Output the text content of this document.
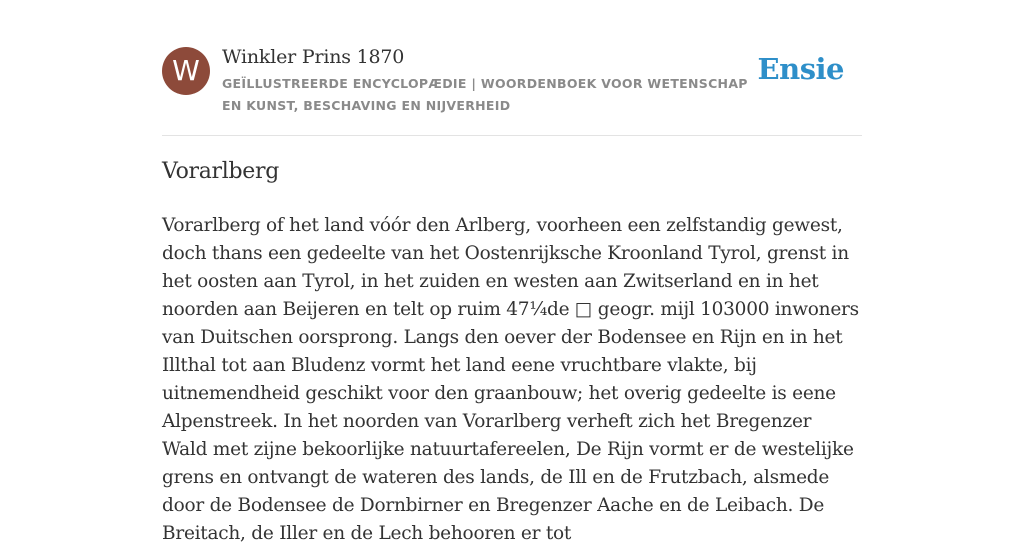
W	Winkler Prins 1870
GEÏLLUSTREERDE ENCYCLOPÆDIE | WOORDENBOEK VOOR WETENSCHAP EN KUNST, BESCHAVING EN NIJVERHEID
Ensie
Vorarlberg

Vorarlberg of het land vóór den Arlberg, voorheen een zelfstandig gewest, doch thans een gedeelte van het Oostenrijksche Kroonland Tyrol, grenst in het oosten aan Tyrol, in het zuiden en westen aan Zwitserland en in het noorden aan Beijeren en telt op ruim 47¼de □ geogr. mijl 103000 inwoners van Duitschen oorsprong. Langs den oever der Bodensee en Rijn en in het Illthal tot aan Bludenz vormt het land eene vruchtbare vlakte, bij uitnemendheid geschikt voor den graanbouw; het overig gedeelte is eene Alpenstreek. In het noorden van Vorarlberg verheft zich het Bregenzer Wald met zijne bekoorlijke natuurtafereelen, De Rijn vormt er de westelijke grens en ontvangt de wateren des lands, de Ill en de Frutzbach, alsmede door de Bodensee de Dornbirner en Bregenzer Aache en de Leibach. De Breitach, de Iller en de Lech behooren er tot
